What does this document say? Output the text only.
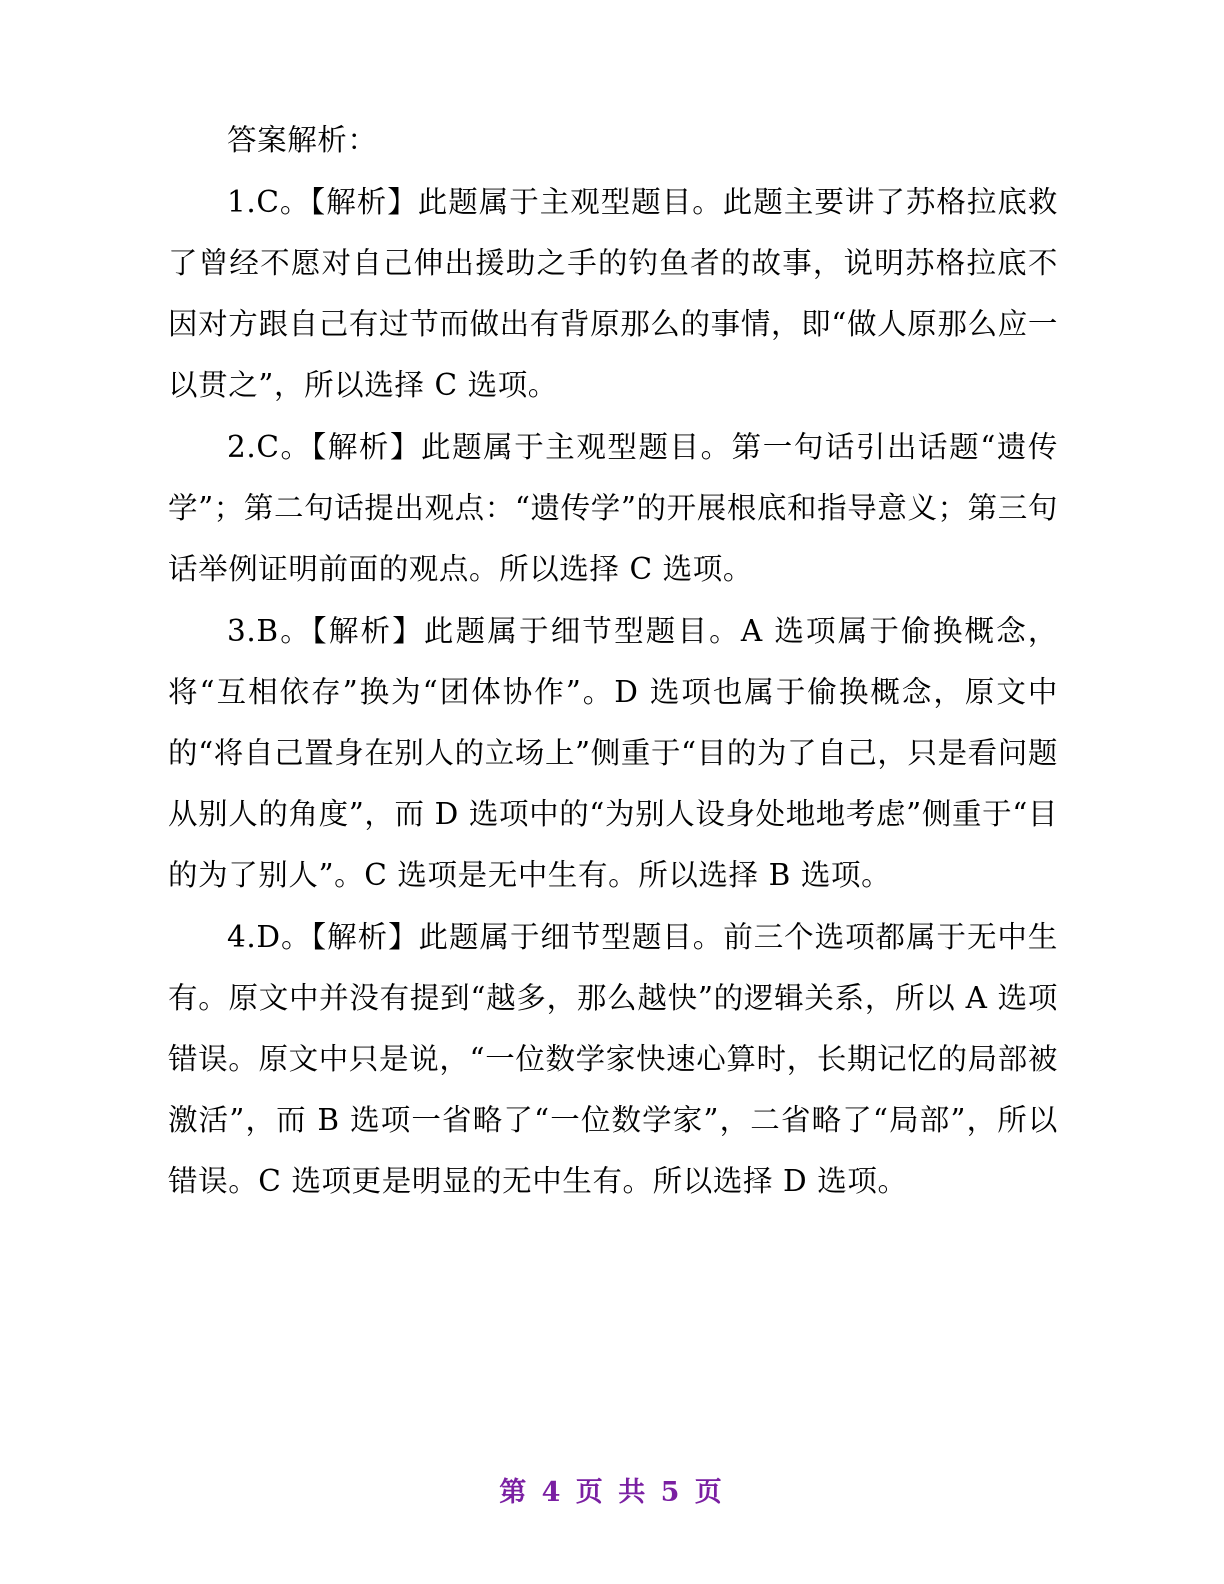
答案解析：

1.C。【解析】此题属于主观型题目。此题主要讲了苏格拉底救了曾经不愿对自己伸出援助之手的钓鱼者的故事，说明苏格拉底不因对方跟自己有过节而做出有背原那么的事情，即“做人原那么应一以贯之”，所以选择 C 选项。

2.C。【解析】此题属于主观型题目。第一句话引出话题“遗传学”；第二句话提出观点：“遗传学”的开展根底和指导意义；第三句话举例证明前面的观点。所以选择 C 选项。

3.B。【解析】此题属于细节型题目。A 选项属于偷换概念，将“互相依存”换为“团体协作”。D 选项也属于偷换概念，原文中的“将自己置身在别人的立场上”侧重于“目的为了自己，只是看问题从别人的角度”，而 D 选项中的“为别人设身处地地考虑”侧重于“目的为了别人”。C 选项是无中生有。所以选择 B 选项。

4.D。【解析】此题属于细节型题目。前三个选项都属于无中生有。原文中并没有提到“越多，那么越快”的逻辑关系，所以 A 选项错误。原文中只是说，“一位数学家快速心算时，长期记忆的局部被激活”，而 B 选项一省略了“一位数学家”，二省略了“局部”，所以错误。C 选项更是明显的无中生有。所以选择 D 选项。

第 4 页 共 5 页
